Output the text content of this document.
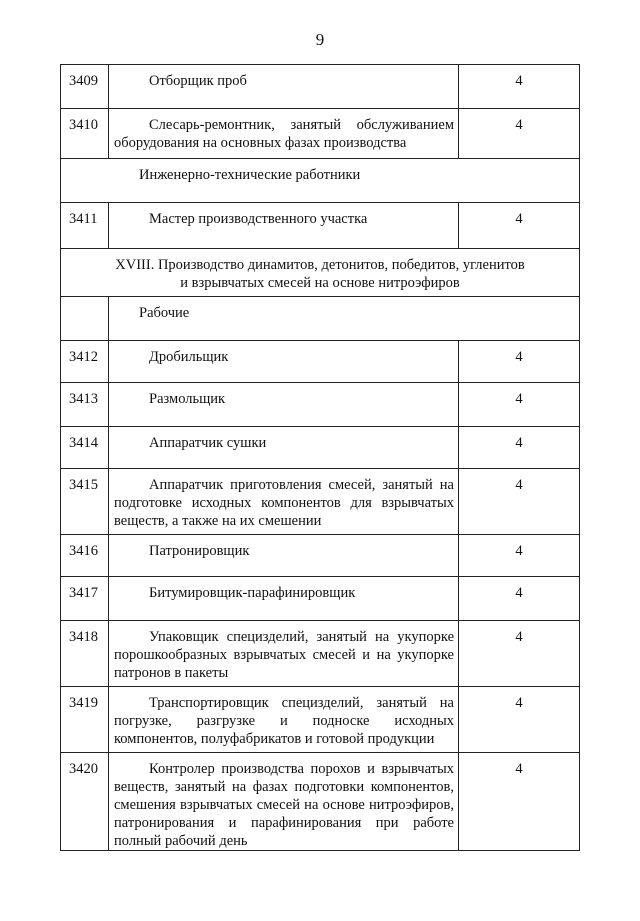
9
3409	Отборщик проб	4
3410	Слесарь-ремонтник, занятый обслуживанием оборудования на основных фазах производства	4
Инженерно-технические работники		
3411	Мастер производственного участка	4

XVIII. Производство динамитов, детонитов, победитов, угленитов
и взрывчатых смесей на основе нитроэфиров		

	Рабочие	
3412	Дробильщик	4
3413	Размольщик	4
3414	Аппаратчик сушки	4
3415	Аппаратчик приготовления смесей, занятый на подготовке исходных компонентов для взрывчатых веществ, а также на их смешении	4
3416	Патронировщик	4
3417	Битумировщик-парафинировщик	4
3418	Упаковщик специзделий, занятый на укупорке порошкообразных взрывчатых смесей и на укупорке патронов в пакеты	4
3419	Транспортировщик специзделий, занятый на погрузке, разгрузке и подноске исходных компонентов, полуфабрикатов и готовой продукции	4
3420	Контролер производства порохов и взрывчатых веществ, занятый на фазах подготовки компонентов, смешения взрывчатых смесей на основе нитроэфиров, патронирования и парафинирования при работе полный рабочий день	4
